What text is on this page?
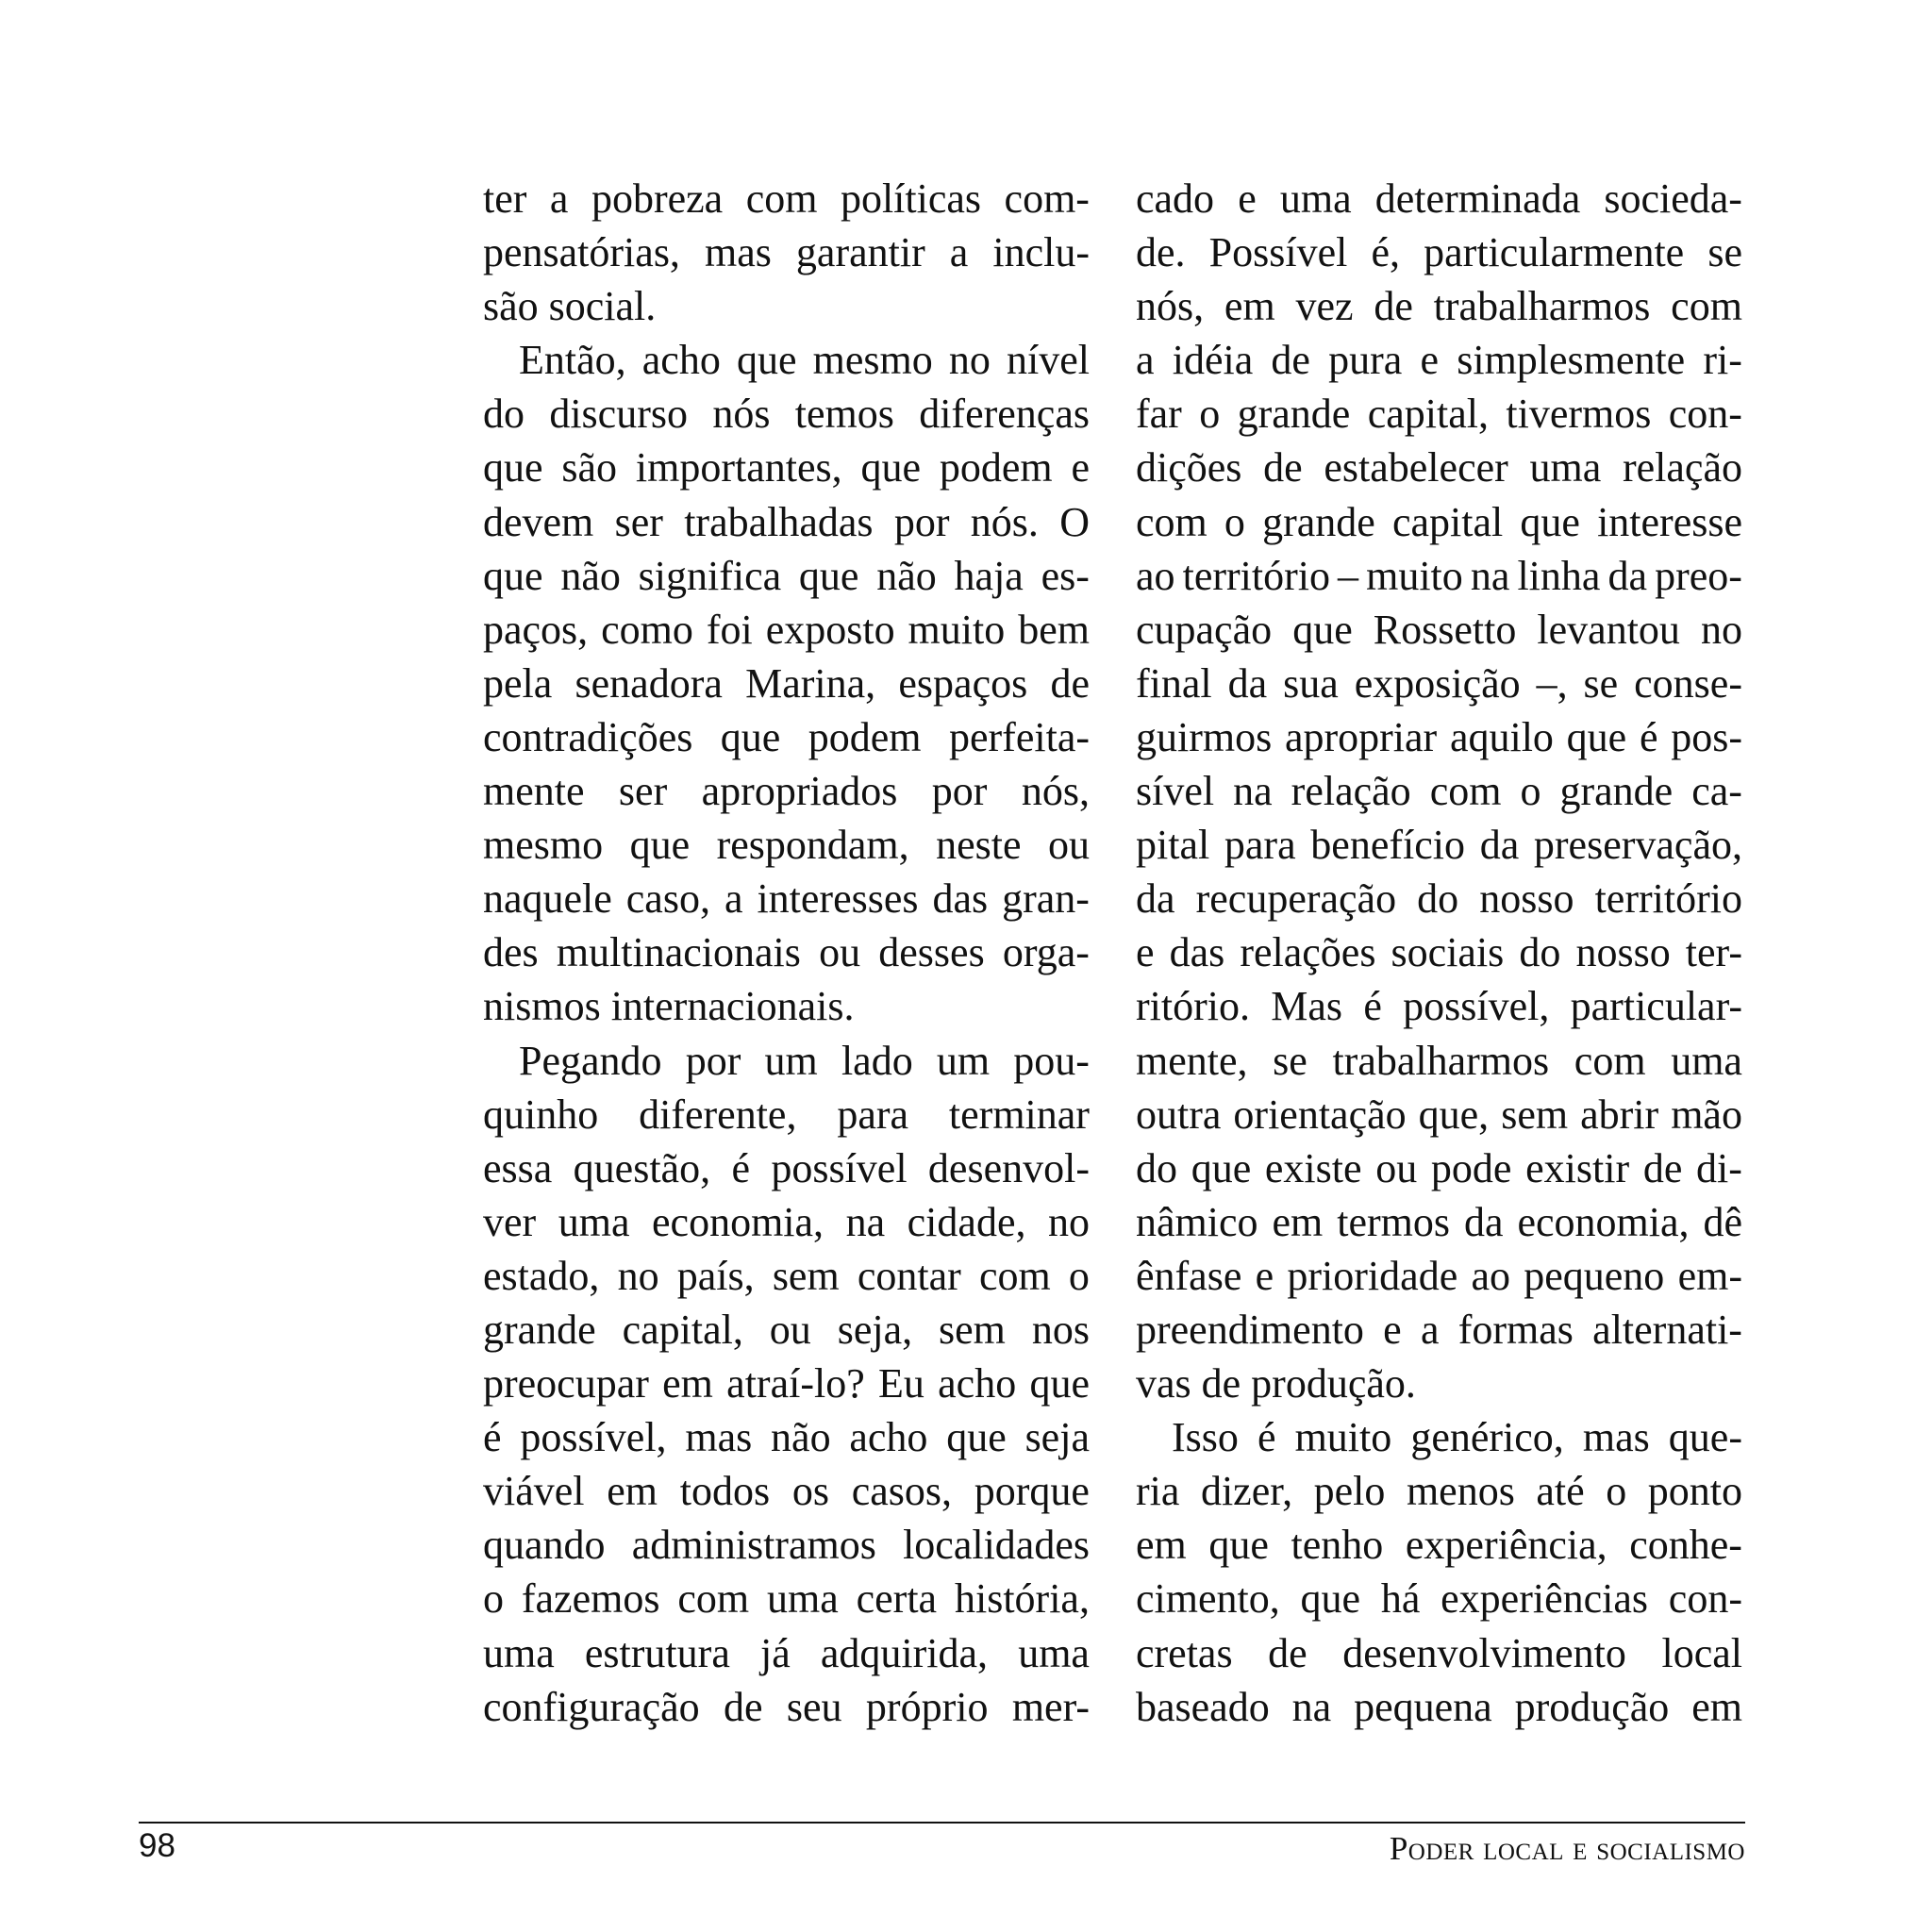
ter a pobreza com políticas com-
pensatórias, mas garantir a inclu-
são social.
Então, acho que mesmo no nível
do discurso nós temos diferenças
que são importantes, que podem e
devem ser trabalhadas por nós. O
que não significa que não haja es-
paços, como foi exposto muito bem
pela senadora Marina, espaços de
contradições que podem perfeita-
mente ser apropriados por nós,
mesmo que respondam, neste ou
naquele caso, a interesses das gran-
des multinacionais ou desses orga-
nismos internacionais.
Pegando por um lado um pou-
quinho diferente, para terminar
essa questão, é possível desenvol-
ver uma economia, na cidade, no
estado, no país, sem contar com o
grande capital, ou seja, sem nos
preocupar em atraí-lo? Eu acho que
é possível, mas não acho que seja
viável em todos os casos, porque
quando administramos localidades
o fazemos com uma certa história,
uma estrutura já adquirida, uma
configuração de seu próprio mer-
cado e uma determinada socieda-
de. Possível é, particularmente se
nós, em vez de trabalharmos com
a idéia de pura e simplesmente ri-
far o grande capital, tivermos con-
dições de estabelecer uma relação
com o grande capital que interesse
ao território – muito na linha da preo-
cupação que Rossetto levantou no
final da sua exposição –, se conse-
guirmos apropriar aquilo que é pos-
sível na relação com o grande ca-
pital para benefício da preservação,
da recuperação do nosso território
e das relações sociais do nosso ter-
ritório. Mas é possível, particular-
mente, se trabalharmos com uma
outra orientação que, sem abrir mão
do que existe ou pode existir de di-
nâmico em termos da economia, dê
ênfase e prioridade ao pequeno em-
preendimento e a formas alternati-
vas de produção.
Isso é muito genérico, mas que-
ria dizer, pelo menos até o ponto
em que tenho experiência, conhe-
cimento, que há experiências con-
cretas de desenvolvimento local
baseado na pequena produção em
98	Poder local e socialismo
